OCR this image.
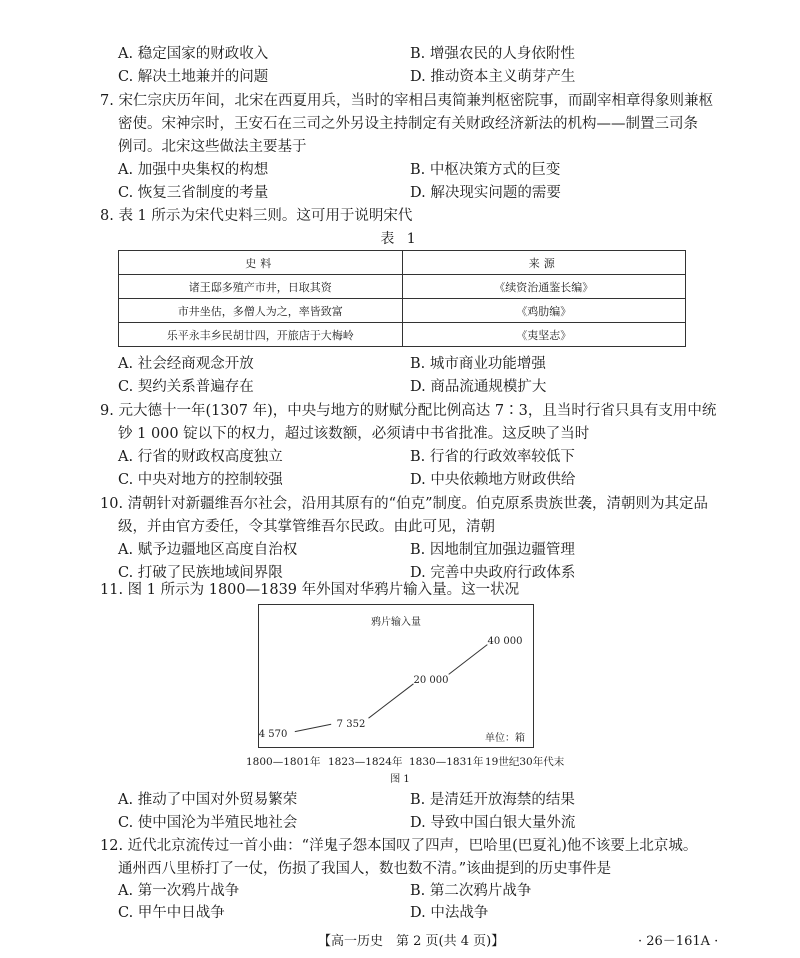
A. 稳定国家的财政收入	B. 增强农民的人身依附性
C. 解决土地兼并的问题	D. 推动资本主义萌芽产生
7. 宋仁宗庆历年间，北宋在西夏用兵，当时的宰相吕夷简兼判枢密院事，而副宰相章得象则兼枢
密使。宋神宗时，王安石在三司之外另设主持制定有关财政经济新法的机构——制置三司条
例司。北宋这些做法主要基于
A. 加强中央集权的构想	B. 中枢决策方式的巨变
C. 恢复三省制度的考量	D. 解决现实问题的需要
8. 表 1 所示为宋代史料三则。这可用于说明宋代
表 1
史料	来源
诸王邸多殖产市井，日取其资	《续资治通鉴长编》
市井坐估，多僧人为之，率皆致富	《鸡肋编》
乐平永丰乡民胡廿四，开旅店于大梅岭	《夷坚志》
A. 社会经商观念开放	B. 城市商业功能增强
C. 契约关系普遍存在	D. 商品流通规模扩大
9. 元大德十一年(1307 年)，中央与地方的财赋分配比例高达 7∶3，且当时行省只具有支用中统
钞 1 000 锭以下的权力，超过该数额，必须请中书省批准。这反映了当时
A. 行省的财政权高度独立	B. 行省的行政效率较低下
C. 中央对地方的控制较强	D. 中央依赖地方财政供给
10. 清朝针对新疆维吾尔社会，沿用其原有的“伯克”制度。伯克原系贵族世袭，清朝则为其定品
级，并由官方委任，令其掌管维吾尔民政。由此可见，清朝
A. 赋予边疆地区高度自治权	B. 因地制宜加强边疆管理
C. 打破了民族地域间界限	D. 完善中央政府行政体系
11. 图 1 所示为 1800—1839 年外国对华鸦片输入量。这一状况
鸦片输入量
4 570
7 352
20 000
40 000
单位：箱
1800—1801年 1823—1824年 1830—1831年 19世纪30年代末
图 1
A. 推动了中国对外贸易繁荣	B. 是清廷开放海禁的结果
C. 使中国沦为半殖民地社会	D. 导致中国白银大量外流
12. 近代北京流传过一首小曲：“洋鬼子怨本国叹了四声，巴哈里(巴夏礼)他不该要上北京城。
通州西八里桥打了一仗，伤损了我国人，数也数不清。”该曲提到的历史事件是
A. 第一次鸦片战争	B. 第二次鸦片战争
C. 甲午中日战争	D. 中法战争
【高一历史　第 2 页(共 4 页)】	· 26－161A ·
